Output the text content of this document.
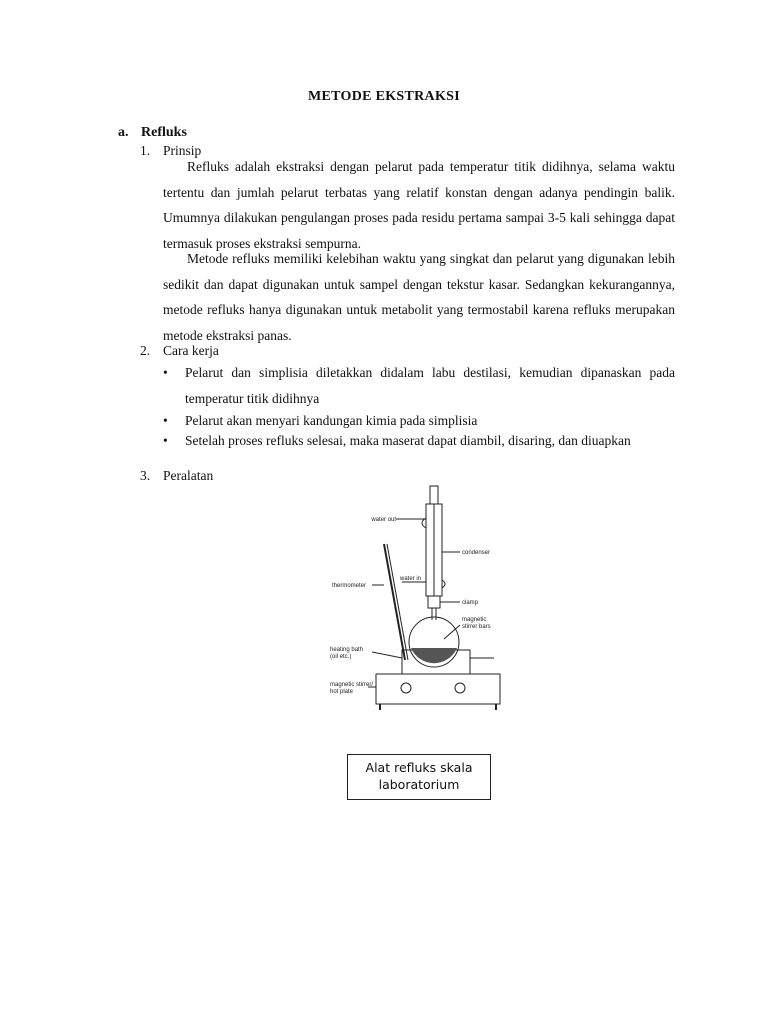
METODE EKSTRAKSI
a. Refluks
1. Prinsip

Refluks adalah ekstraksi dengan pelarut pada temperatur titik didihnya, selama waktu tertentu dan jumlah pelarut terbatas yang relatif konstan dengan adanya pendingin balik. Umumnya dilakukan pengulangan proses pada residu pertama sampai 3-5 kali sehingga dapat termasuk proses ekstraksi sempurna.

Metode refluks memiliki kelebihan waktu yang singkat dan pelarut yang digunakan lebih sedikit dan dapat digunakan untuk sampel dengan tekstur kasar. Sedangkan kekurangannya, metode refluks hanya digunakan untuk metabolit yang termostabil karena refluks merupakan metode ekstraksi panas.

2. Cara kerja
• Pelarut dan simplisia diletakkan didalam labu destilasi, kemudian dipanaskan pada temperatur titik didihnya
• Pelarut akan menyari kandungan kimia pada simplisia
• Setelah proses refluks selesai, maka maserat dapat diambil, disaring, dan diuapkan
3. Peralatan
water out
condenser
thermometer
water in
clamp
magnetic
stirrer bars
heating bath
(oil etc.)
magnetic stirrer/
hot plate
Alat refluks skala
laboratorium
